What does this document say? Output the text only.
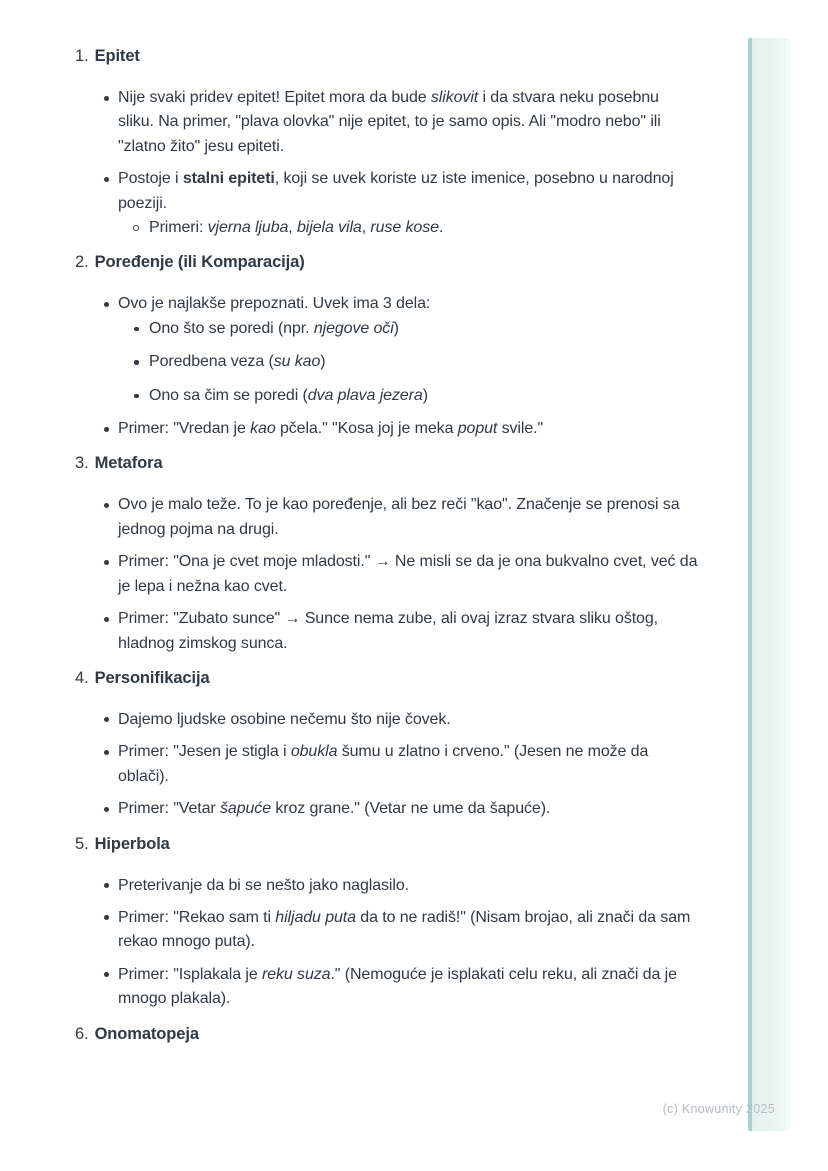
(c) Knowunity 2025
1. Epitet
Nije svaki pridev epitet! Epitet mora da bude slikovit i da stvara neku posebnu sliku. Na primer, "plava olovka" nije epitet, to je samo opis. Ali "modro nebo" ili "zlatno žito" jesu epiteti.
Postoje i stalni epiteti, koji se uvek koriste uz iste imenice, posebno u narodnoj poeziji.
Primeri: vjerna ljuba, bijela vila, ruse kose.
2. Poređenje (ili Komparacija)
Ovo je najlakše prepoznati. Uvek ima 3 dela:
Ono što se poredi (npr. njegove oči)
Poredbena veza (su kao)
Ono sa čim se poredi (dva plava jezera)
Primer: "Vredan je kao pčela." "Kosa joj je meka poput svile."
3. Metafora
Ovo je malo teže. To je kao poređenje, ali bez reči "kao". Značenje se prenosi sa jednog pojma na drugi.
Primer: "Ona je cvet moje mladosti." → Ne misli se da je ona bukvalno cvet, već da je lepa i nežna kao cvet.
Primer: "Zubato sunce" → Sunce nema zube, ali ovaj izraz stvara sliku oštog, hladnog zimskog sunca.
4. Personifikacija
Dajemo ljudske osobine nečemu što nije čovek.
Primer: "Jesen je stigla i obukla šumu u zlatno i crveno." (Jesen ne može da oblači).
Primer: "Vetar šapuće kroz grane." (Vetar ne ume da šapuće).
5. Hiperbola
Preterivanje da bi se nešto jako naglasilo.
Primer: "Rekao sam ti hiljadu puta da to ne radiš!" (Nisam brojao, ali znači da sam rekao mnogo puta).
Primer: "Isplakala je reku suza." (Nemoguće je isplakati celu reku, ali znači da je mnogo plakala).
6. Onomatopeja
